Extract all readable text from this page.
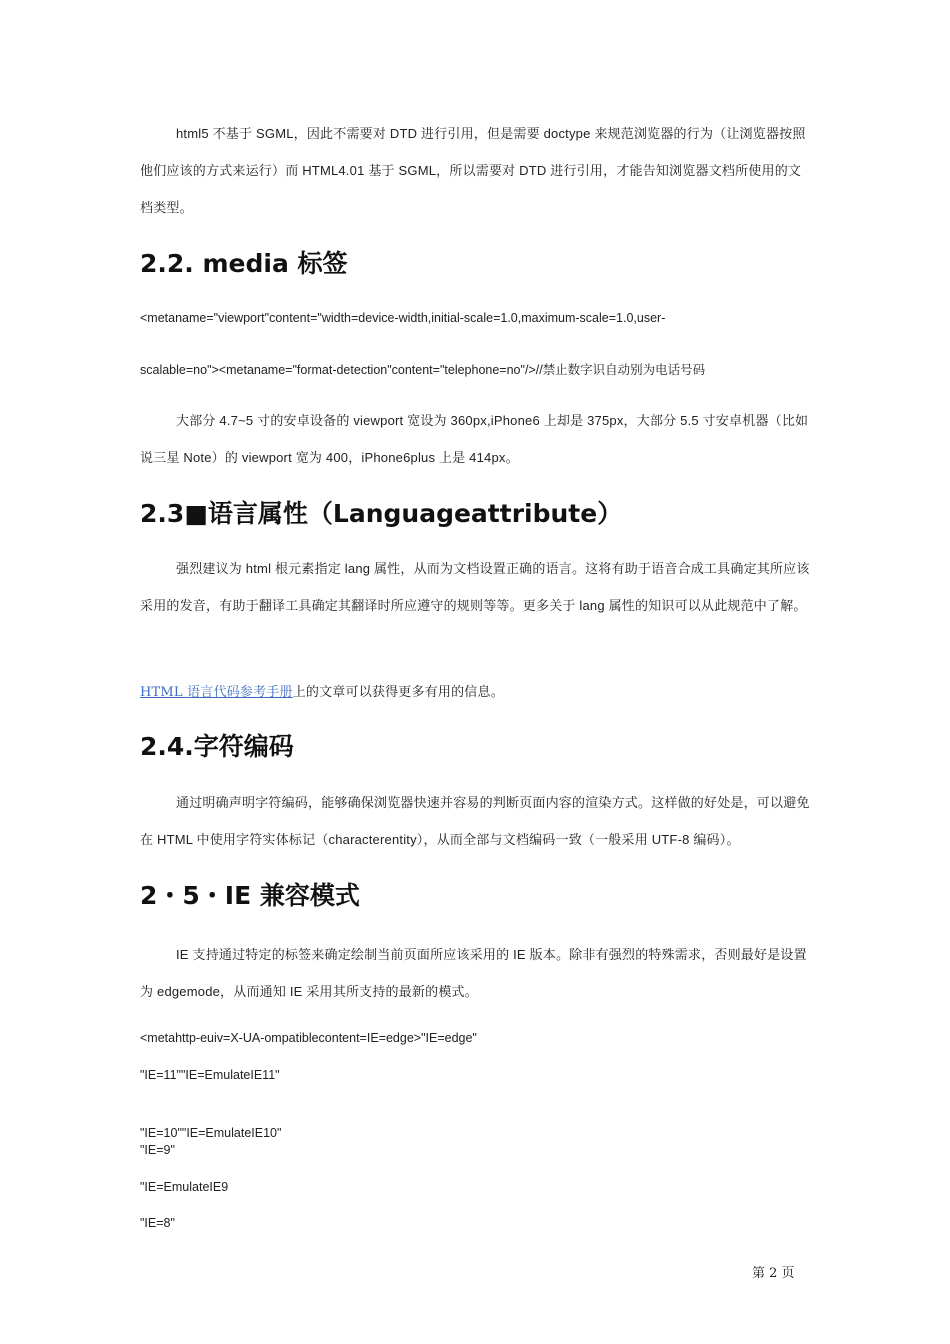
html5 不基于 SGML，因此不需要对 DTD 进行引用，但是需要 doctype 来规范浏览器的行为（让浏览器按照他们应该的方式来运行）而 HTML4.01 基于 SGML，所以需要对 DTD 进行引用，才能告知浏览器文档所使用的文档类型。
2.2. media 标签
<metaname="viewport"content="width=device-width,initial-scale=1.0,maximum-scale=1.0,user-
scalable=no"><metaname="format-detection"content="telephone=no"/>//禁止数字识自动别为电话号码
大部分 4.7~5 寸的安卓设备的 viewport 宽设为 360px,iPhone6 上却是 375px，大部分 5.5 寸安卓机器（比如说三星 Note）的 viewport 宽为 400，iPhone6plus 上是 414px。
2.3■语言属性（Languageattribute）
强烈建议为 html 根元素指定 lang 属性，从而为文档设置正确的语言。这将有助于语音合成工具确定其所应该采用的发音，有助于翻译工具确定其翻译时所应遵守的规则等等。更多关于 lang 属性的知识可以从此规范中了解。
HTML 语言代码参考手册上的文章可以获得更多有用的信息。
2.4.字符编码
通过明确声明字符编码，能够确保浏览器快速并容易的判断页面内容的渲染方式。这样做的好处是，可以避免在 HTML 中使用字符实体标记（characterentity），从而全部与文档编码一致（一般采用 UTF-8 编码）。
2・5・IE 兼容模式
IE 支持通过特定的标签来确定绘制当前页面所应该采用的 IE 版本。除非有强烈的特殊需求，否则最好是设置为 edgemode，从而通知 IE 采用其所支持的最新的模式。
<metahttp-euiv=X-UA-ompatiblecontent=IE=edge>"IE=edge"
"IE=11""IE=EmulateIE11"
"IE=10""IE=EmulateIE10"
"IE=9"
"IE=EmulateIE9
"IE=8"
第 2 页
